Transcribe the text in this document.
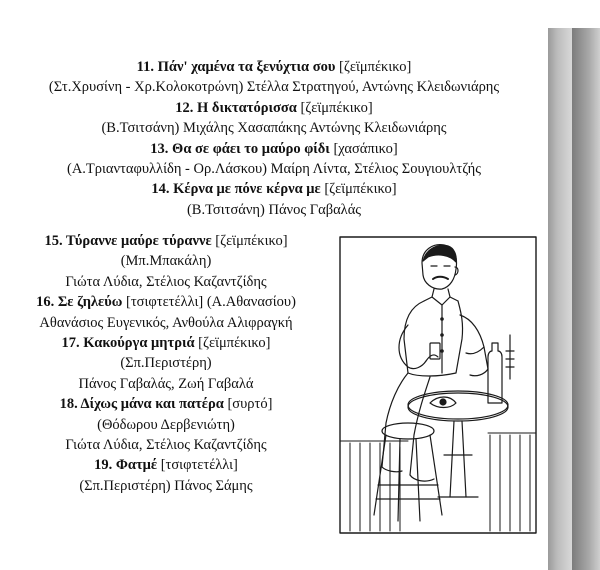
11. Πάν' χαμένα τα ξενύχτια σου [ζεϊμπέκικο]
(Στ.Χρυσίνη - Χρ.Κολοκοτρώνη) Στέλλα Στρατηγού, Αντώνης Κλειδωνιάρης
12. Η δικτατόρισσα [ζεϊμπέκικο]
(Β.Τσιτσάνη) Μιχάλης Χασαπάκης Αντώνης Κλειδωνιάρης
13. Θα σε φάει το μαύρο φίδι [χασάπικο]
(Α.Τριανταφυλλίδη - Ορ.Λάσκου) Μαίρη Λίντα, Στέλιος Σουγιουλτζής
14. Κέρνα με πόνε κέρνα με [ζεϊμπέκικο]
(Β.Τσιτσάνη) Πάνος Γαβαλάς
15. Τύραννε μαύρε τύραννε [ζεϊμπέκικο]
(Μπ.Μπακάλη)
Γιώτα Λύδια, Στέλιος Καζαντζίδης
16. Σε ζηλεύω [τσιφτετέλλι] (Α.Αθανασίου)
Αθανάσιος Ευγενικός, Ανθούλα Αλιφραγκή
17. Κακούργα μητριά [ζεϊμπέκικο]
(Σπ.Περιστέρη)
Πάνος Γαβαλάς, Ζωή Γαβαλά
18. Δίχως μάνα και πατέρα [συρτό]
(Θόδωρου Δερβενιώτη)
Γιώτα Λύδια, Στέλιος Καζαντζίδης
19. Φατμέ [τσιφτετέλλι]
(Σπ.Περιστέρη) Πάνος Σάμης
